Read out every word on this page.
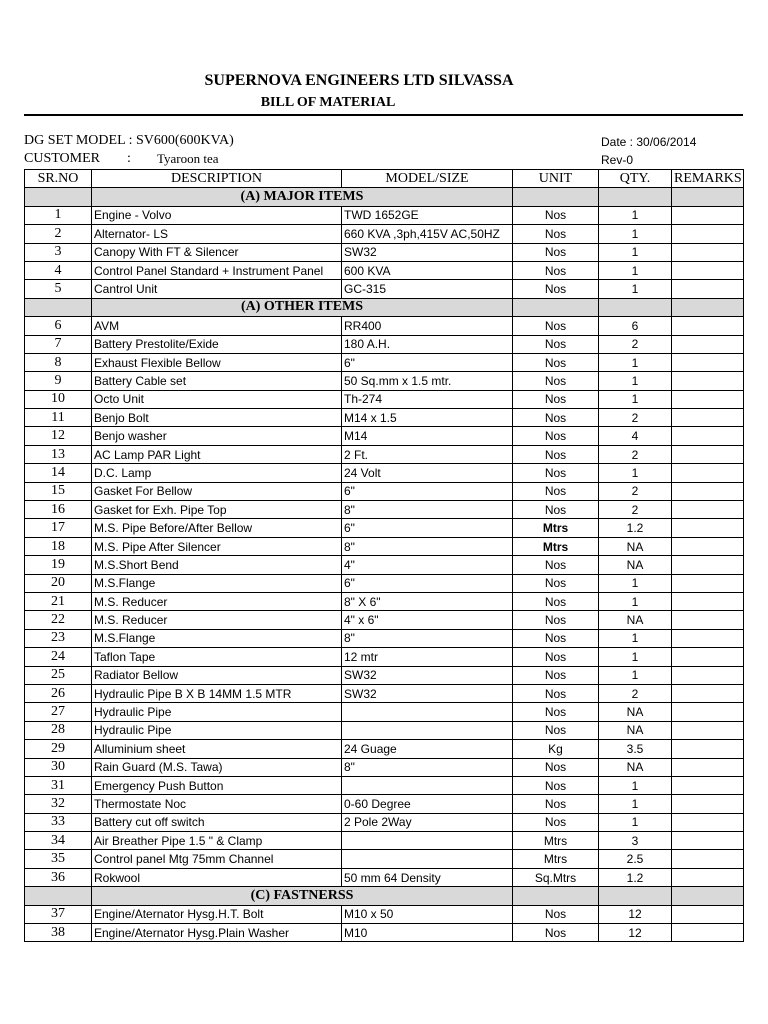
SUPERNOVA ENGINEERS LTD SILVASSA
BILL OF MATERIAL
DG SET MODEL : SV600(600KVA)	Date : 30/06/2014
CUSTOMER : Tyaroon tea	Rev-0
SR.NO	DESCRIPTION	MODEL/SIZE	UNIT	QTY.	REMARKS
	(A) MAJOR ITEMS				
1	Engine - Volvo	TWD 1652GE	Nos	1	
2	Alternator- LS	660 KVA ,3ph,415V AC,50HZ	Nos	1	
3	Canopy With FT & Silencer	SW32	Nos	1	
4	Control Panel Standard + Instrument Panel	600 KVA	Nos	1	
5	Cantrol Unit	GC-315	Nos	1	
	(A) OTHER ITEMS				
6	AVM	RR400	Nos	6	
7	Battery Prestolite/Exide	180 A.H.	Nos	2	
8	Exhaust Flexible Bellow	6"	Nos	1	
9	Battery Cable set	50 Sq.mm x 1.5 mtr.	Nos	1	
10	Octo Unit	Th-274	Nos	1	
11	Benjo Bolt	M14 x 1.5	Nos	2	
12	Benjo washer	M14	Nos	4	
13	AC Lamp PAR Light	2 Ft.	Nos	2	
14	D.C. Lamp	24 Volt	Nos	1	
15	Gasket For Bellow	6"	Nos	2	
16	Gasket for Exh. Pipe Top	8"	Nos	2	
17	M.S. Pipe Before/After Bellow	6"	Mtrs	1.2	
18	M.S. Pipe After Silencer	8"	Mtrs	NA	
19	M.S.Short Bend	4"	Nos	NA	
20	M.S.Flange	6"	Nos	1	
21	M.S. Reducer	8" X 6"	Nos	1	
22	M.S. Reducer	4" x 6"	Nos	NA	
23	M.S.Flange	8"	Nos	1	
24	Taflon Tape	12 mtr	Nos	1	
25	Radiator Bellow	SW32	Nos	1	
26	Hydraulic Pipe B X B 14MM 1.5 MTR	SW32	Nos	2	
27	Hydraulic Pipe		Nos	NA	
28	Hydraulic Pipe		Nos	NA	
29	Alluminium sheet	24 Guage	Kg	3.5	
30	Rain Guard (M.S. Tawa)	8"	Nos	NA	
31	Emergency Push Button		Nos	1	
32	Thermostate Noc	0-60 Degree	Nos	1	
33	Battery cut off switch	2 Pole 2Way	Nos	1	
34	Air Breather Pipe 1.5 " & Clamp		Mtrs	3	
35	Control panel Mtg 75mm Channel		Mtrs	2.5	
36	Rokwool	50 mm 64 Density	Sq.Mtrs	1.2	
	(C) FASTNERSS				
37	Engine/Aternator Hysg.H.T. Bolt	M10 x 50	Nos	12	
38	Engine/Aternator Hysg.Plain Washer	M10	Nos	12	
